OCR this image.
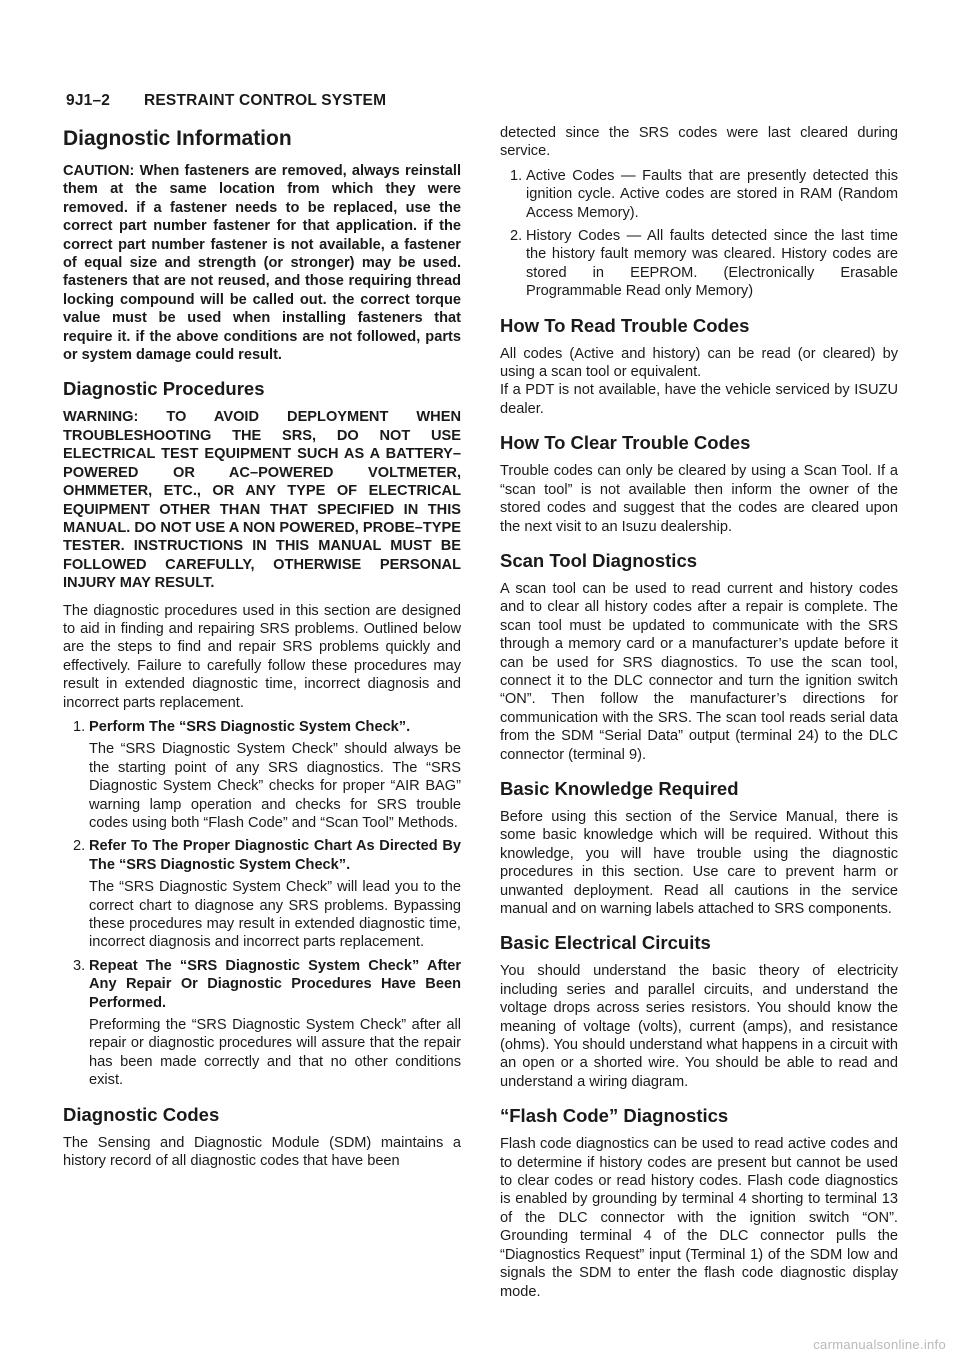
9J1–2 RESTRAINT CONTROL SYSTEM
Diagnostic Information

CAUTION: When fasteners are removed, always reinstall them at the same location from which they were removed. if a fastener needs to be replaced, use the correct part number fastener for that application. if the correct part number fastener is not available, a fastener of equal size and strength (or stronger) may be used. fasteners that are not reused, and those requiring thread locking compound will be called out. the correct torque value must be used when installing fasteners that require it. if the above conditions are not followed, parts or system damage could result.

Diagnostic Procedures

WARNING: TO AVOID DEPLOYMENT WHEN TROUBLESHOOTING THE SRS, DO NOT USE ELECTRICAL TEST EQUIPMENT SUCH AS A BATTERY–POWERED OR AC–POWERED VOLTMETER, OHMMETER, ETC., OR ANY TYPE OF ELECTRICAL EQUIPMENT OTHER THAN THAT SPECIFIED IN THIS MANUAL. DO NOT USE A NON POWERED, PROBE–TYPE TESTER. INSTRUCTIONS IN THIS MANUAL MUST BE FOLLOWED CAREFULLY, OTHERWISE PERSONAL INJURY MAY RESULT.

The diagnostic procedures used in this section are designed to aid in finding and repairing SRS problems. Outlined below are the steps to find and repair SRS problems quickly and effectively. Failure to carefully follow these procedures may result in extended diagnostic time, incorrect diagnosis and incorrect parts replacement.

1. Perform The “SRS Diagnostic System Check”.
The “SRS Diagnostic System Check” should always be the starting point of any SRS diagnostics. The “SRS Diagnostic System Check” checks for proper “AIR BAG” warning lamp operation and checks for SRS trouble codes using both “Flash Code” and “Scan Tool” Methods.
2. Refer To The Proper Diagnostic Chart As Directed By The “SRS Diagnostic System Check”.
The “SRS Diagnostic System Check” will lead you to the correct chart to diagnose any SRS problems. Bypassing these procedures may result in extended diagnostic time, incorrect diagnosis and incorrect parts replacement.
3. Repeat The “SRS Diagnostic System Check” After Any Repair Or Diagnostic Procedures Have Been Performed.
Preforming the “SRS Diagnostic System Check” after all repair or diagnostic procedures will assure that the repair has been made correctly and that no other conditions exist.
Diagnostic Codes

The Sensing and Diagnostic Module (SDM) maintains a history record of all diagnostic codes that have been

detected since the SRS codes were last cleared during service.

1. Active Codes — Faults that are presently detected this ignition cycle. Active codes are stored in RAM (Random Access Memory).
2. History Codes — All faults detected since the last time the history fault memory was cleared. History codes are stored in EEPROM. (Electronically Erasable Programmable Read only Memory)
How To Read Trouble Codes

All codes (Active and history) can be read (or cleared) by using a scan tool or equivalent.

If a PDT is not available, have the vehicle serviced by ISUZU dealer.

How To Clear Trouble Codes

Trouble codes can only be cleared by using a Scan Tool. If a “scan tool” is not available then inform the owner of the stored codes and suggest that the codes are cleared upon the next visit to an Isuzu dealership.

Scan Tool Diagnostics

A scan tool can be used to read current and history codes and to clear all history codes after a repair is complete. The scan tool must be updated to communicate with the SRS through a memory card or a manufacturer’s update before it can be used for SRS diagnostics. To use the scan tool, connect it to the DLC connector and turn the ignition switch “ON”. Then follow the manufacturer’s directions for communication with the SRS. The scan tool reads serial data from the SDM “Serial Data” output (terminal 24) to the DLC connector (terminal 9).

Basic Knowledge Required

Before using this section of the Service Manual, there is some basic knowledge which will be required. Without this knowledge, you will have trouble using the diagnostic procedures in this section. Use care to prevent harm or unwanted deployment. Read all cautions in the service manual and on warning labels attached to SRS components.

Basic Electrical Circuits

You should understand the basic theory of electricity including series and parallel circuits, and understand the voltage drops across series resistors. You should know the meaning of voltage (volts), current (amps), and resistance (ohms). You should understand what happens in a circuit with an open or a shorted wire. You should be able to read and understand a wiring diagram.

“Flash Code” Diagnostics

Flash code diagnostics can be used to read active codes and to determine if history codes are present but cannot be used to clear codes or read history codes. Flash code diagnostics is enabled by grounding by terminal 4 shorting to terminal 13 of the DLC connector with the ignition switch “ON”. Grounding terminal 4 of the DLC connector pulls the “Diagnostics Request” input (Terminal 1) of the SDM low and signals the SDM to enter the flash code diagnostic display mode.

carmanualsonline.info
